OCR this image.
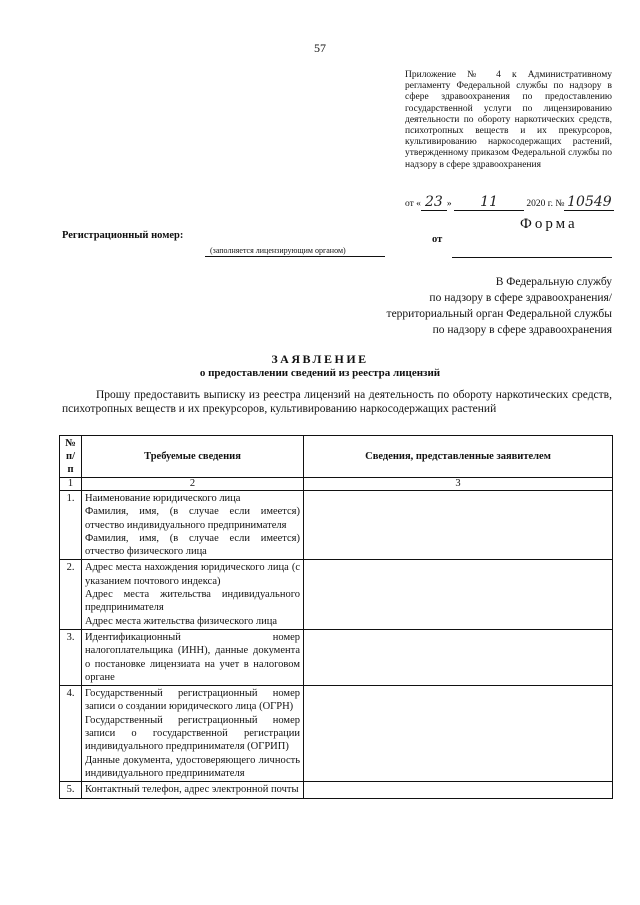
57
Приложение № 4 к Административному регламенту Федеральной службы по надзору в сфере здравоохранения по предоставлению государственной услуги по лицензированию деятельности по обороту наркотических средств, психотропных веществ и их прекурсоров, культивированию наркосодержащих растений, утвержденному приказом Федеральной службы по надзору в сфере здравоохранения
от « 23 » 11	2020 г. № 10549
Форма
Регистрационный номер:
(заполняется лицензирующим органом)
от
В Федеральную службу
по надзору в сфере здравоохранения/
территориальный орган Федеральной службы
по надзору в сфере здравоохранения
ЗАЯВЛЕНИЕ
о предоставлении сведений из реестра лицензий
Прошу предоставить выписку из реестра лицензий на деятельность по обороту наркотических средств, психотропных веществ и их прекурсоров, культивированию наркосодержащих растений
№ п/п	Требуемые сведения	Сведения, представленные заявителем
1	2	3
1.	Наименование юридического лица
Фамилия, имя, (в случае если имеется) отчество индивидуального предпринимателя
Фамилия, имя, (в случае если имеется) отчество физического лица	

2.	Адрес места нахождения юридического лица (с указанием почтового индекса)
Адрес места жительства индивидуального предпринимателя
Адрес места жительства физического лица	

3.	Идентификационный номер налогоплательщика (ИНН), данные документа о постановке лицензиата на учет в налоговом органе	

4.	Государственный регистрационный номер записи о создании юридического лица (ОГРН)
Государственный регистрационный номер записи о государственной регистрации индивидуального предпринимателя (ОГРИП)
Данные документа, удостоверяющего личность индивидуального предпринимателя	

5.	Контактный телефон, адрес электронной почты	
